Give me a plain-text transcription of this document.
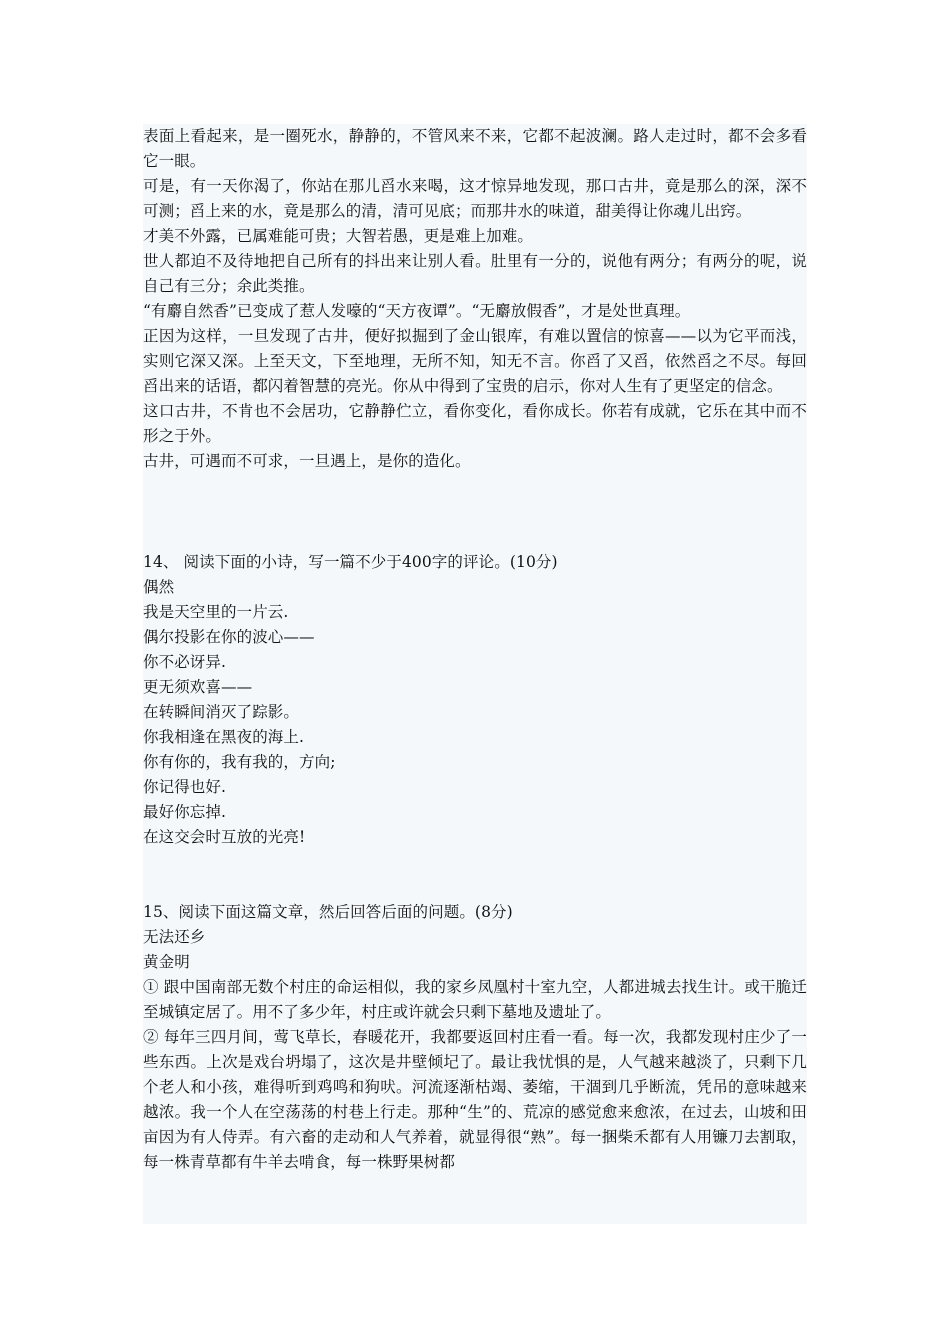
表面上看起来，是一圈死水，静静的，不管风来不来，它都不起波澜。路人走过时，都不会多看它一眼。

可是，有一天你渴了，你站在那儿舀水来喝，这才惊异地发现，那口古井，竟是那么的深，深不可测；舀上来的水，竟是那么的清，清可见底；而那井水的味道，甜美得让你魂儿出窍。

才美不外露，已属难能可贵；大智若愚，更是难上加难。

世人都迫不及待地把自己所有的抖出来让别人看。肚里有一分的，说他有两分；有两分的呢，说自己有三分；余此类推。

“有麝自然香”已变成了惹人发嚎的“天方夜谭”。“无麝放假香”，才是处世真理。

正因为这样，一旦发现了古井，便好拟掘到了金山银库，有难以置信的惊喜——以为它平而浅，实则它深又深。上至天文，下至地理，无所不知，知无不言。你舀了又舀，依然舀之不尽。每回舀出来的话语，都闪着智慧的亮光。你从中得到了宝贵的启示，你对人生有了更坚定的信念。

这口古井，不肯也不会居功，它静静伫立，看你变化，看你成长。你若有成就，它乐在其中而不形之于外。

古井，可遇而不可求，一旦遇上，是你的造化。

14、 阅读下面的小诗，写一篇不少于400字的评论。(10分)

偶然

我是天空里的一片云.

偶尔投影在你的波心——

你不必讶异.

更无须欢喜——

在转瞬间消灭了踪影。

你我相逢在黑夜的海上.

你有你的，我有我的，方向;

你记得也好.

最好你忘掉.

在这交会时互放的光亮!

15、阅读下面这篇文章，然后回答后面的问题。(8分)

无法还乡

黄金明

① 跟中国南部无数个村庄的命运相似，我的家乡凤凰村十室九空，人都进城去找生计。或干脆迁至城镇定居了。用不了多少年，村庄或许就会只剩下墓地及遗址了。

② 每年三四月间，莺飞草长，春暖花开，我都要返回村庄看一看。每一次，我都发现村庄少了一些东西。上次是戏台坍塌了，这次是井壁倾圮了。最让我忧惧的是，人气越来越淡了，只剩下几个老人和小孩，难得听到鸡鸣和狗吠。河流逐渐枯竭、萎缩，干涸到几乎断流，凭吊的意味越来越浓。我一个人在空荡荡的村巷上行走。那种“生”的、荒凉的感觉愈来愈浓，在过去，山坡和田亩因为有人侍弄。有六畜的走动和人气养着，就显得很“熟”。每一捆柴禾都有人用镰刀去割取，每一株青草都有牛羊去啃食，每一株野果树都
